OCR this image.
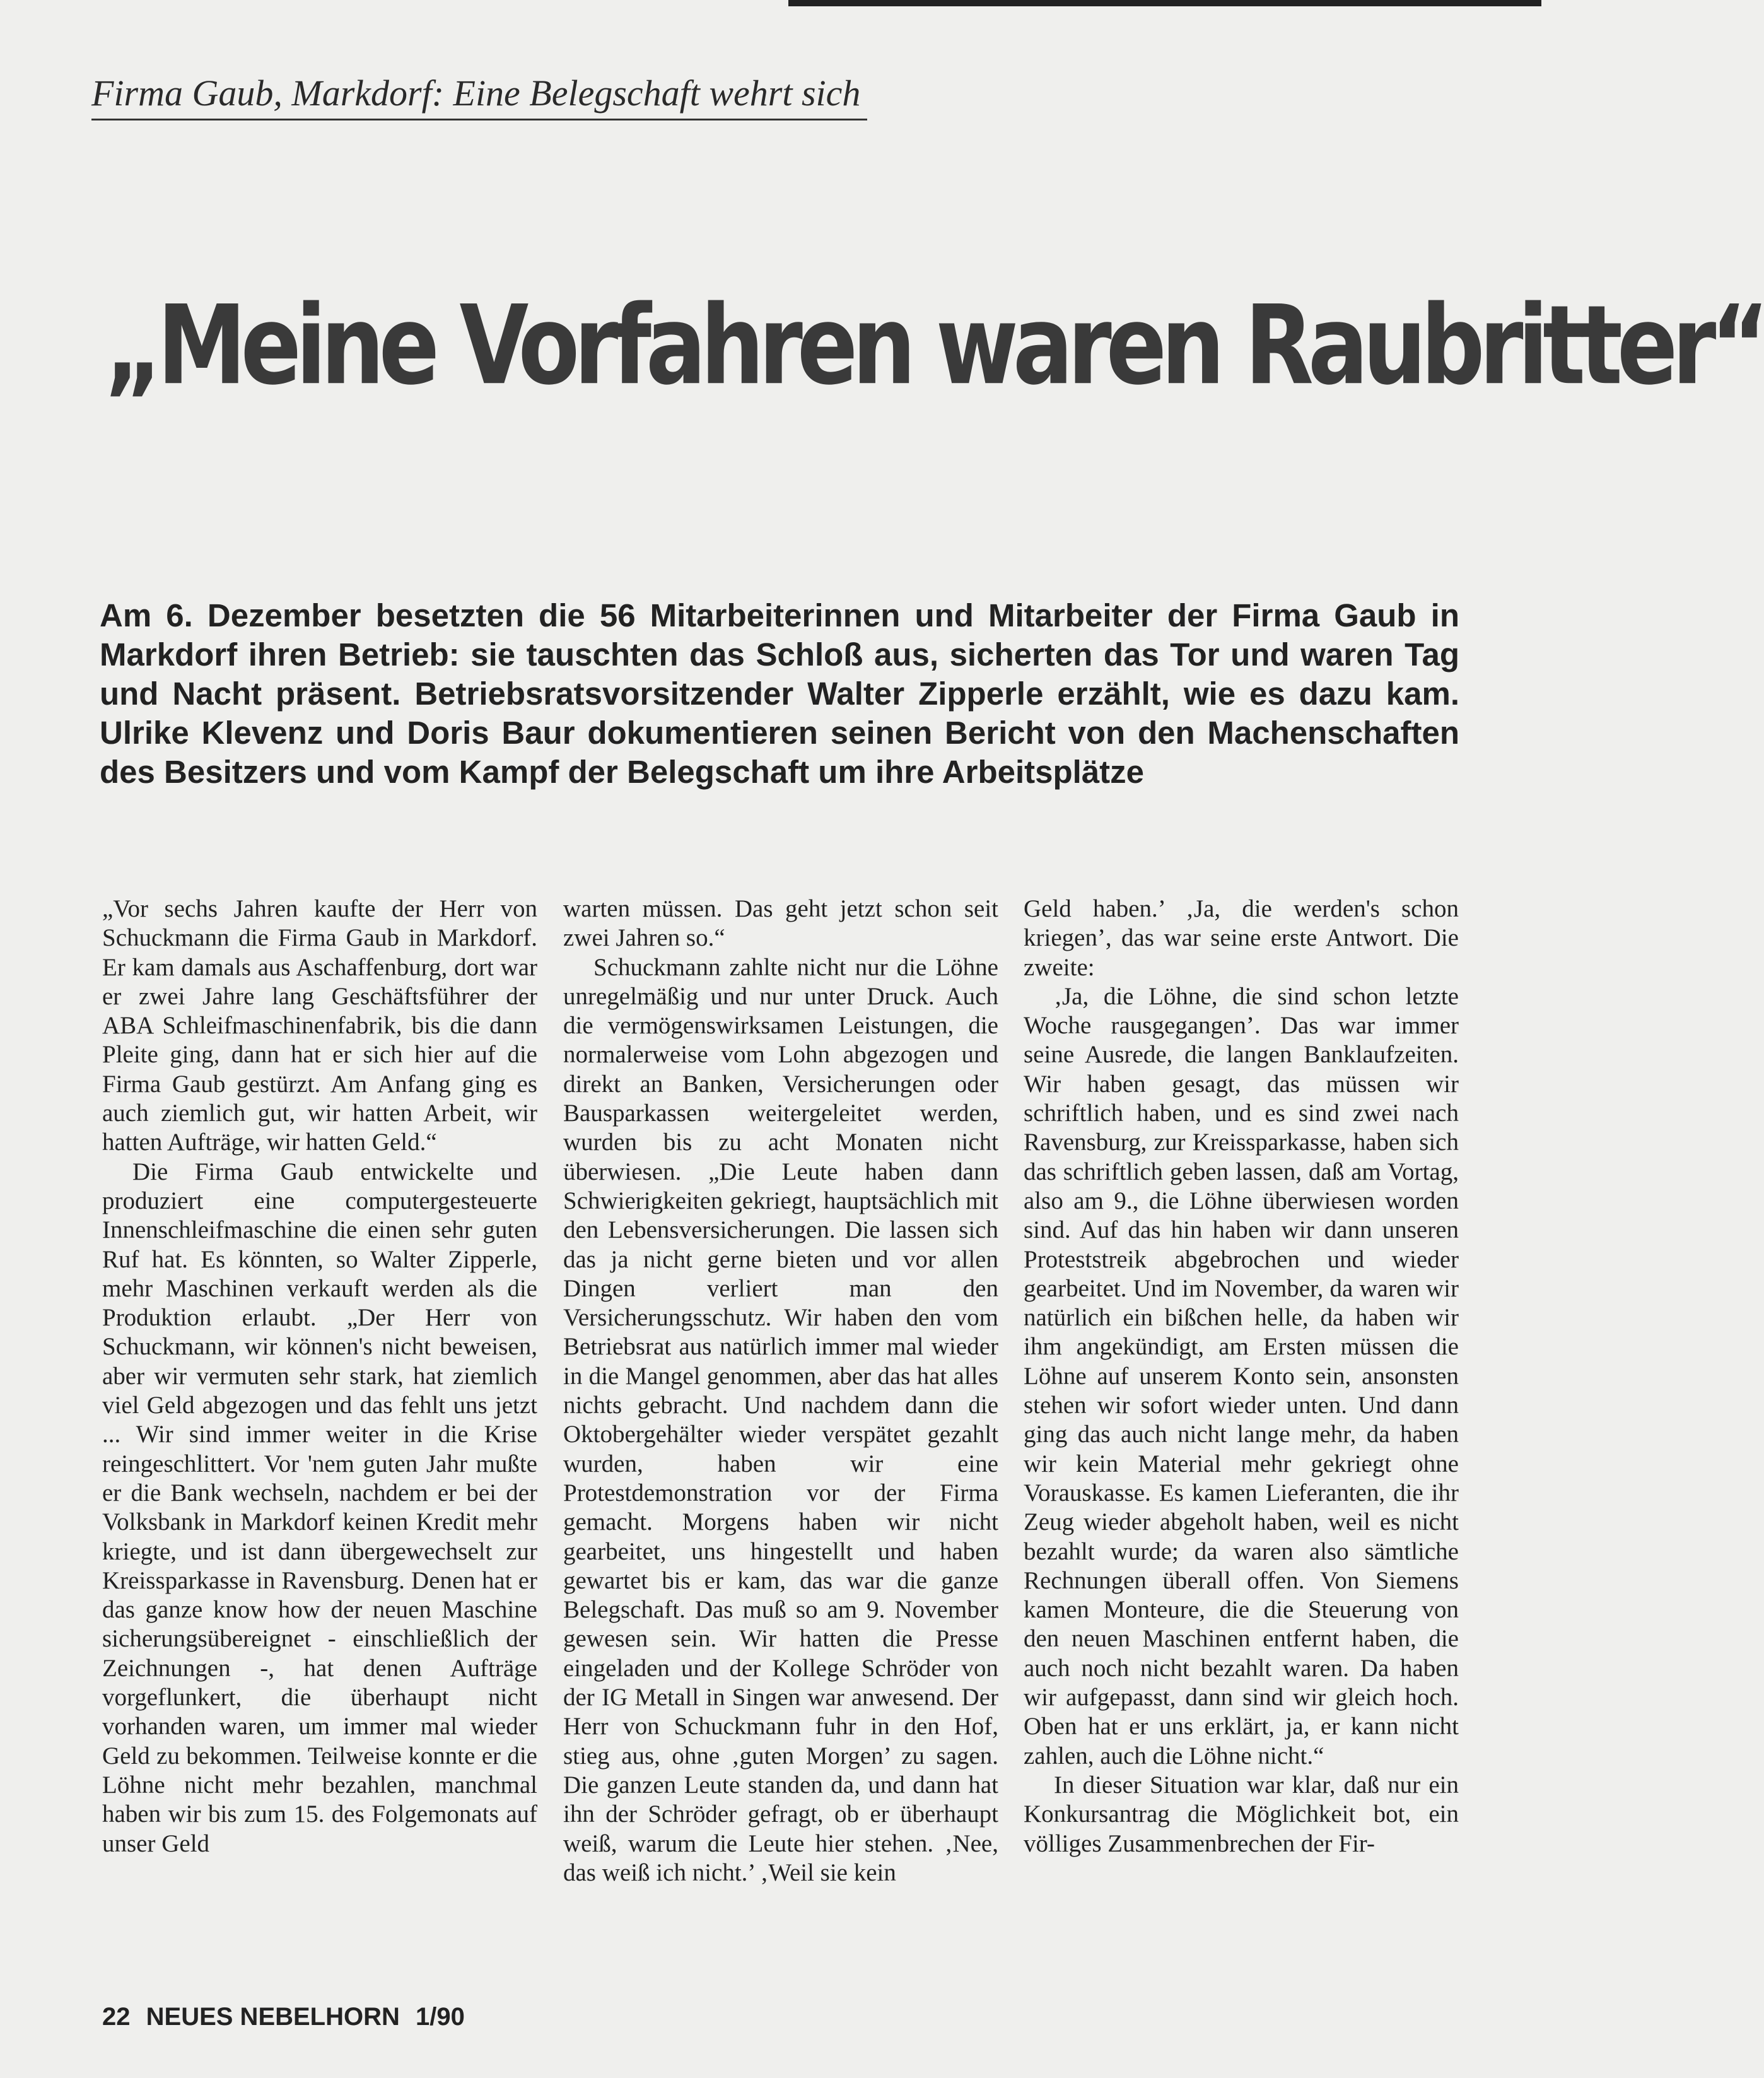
Firma Gaub, Markdorf: Eine Belegschaft wehrt sich
„Meine Vorfahren waren Raubritter“
Am 6. Dezember besetzten die 56 Mitarbeiterinnen und Mitarbeiter der Firma Gaub in Markdorf ihren Betrieb: sie tauschten das Schloß aus, sicherten das Tor und waren Tag und Nacht präsent. Betriebsratsvorsitzender Walter Zipperle erzählt, wie es dazu kam. Ulrike Klevenz und Doris Baur dokumentieren seinen Bericht von den Machenschaften des Besitzers und vom Kampf der Belegschaft um ihre Arbeitsplätze

„Vor sechs Jahren kaufte der Herr von Schuckmann die Firma Gaub in Markdorf. Er kam damals aus Aschaffenburg, dort war er zwei Jahre lang Geschäftsführer der ABA Schleifmaschinenfabrik, bis die dann Pleite ging, dann hat er sich hier auf die Firma Gaub gestürzt. Am Anfang ging es auch ziemlich gut, wir hatten Arbeit, wir hatten Aufträge, wir hatten Geld.“

Die Firma Gaub entwickelte und produziert eine computergesteuerte Innenschleifmaschine die einen sehr guten Ruf hat. Es könnten, so Walter Zipperle, mehr Maschinen verkauft werden als die Produktion erlaubt. „Der Herr von Schuckmann, wir können's nicht beweisen, aber wir vermuten sehr stark, hat ziemlich viel Geld abgezogen und das fehlt uns jetzt ... Wir sind immer weiter in die Krise reingeschlittert. Vor 'nem guten Jahr mußte er die Bank wechseln, nachdem er bei der Volksbank in Markdorf keinen Kredit mehr kriegte, und ist dann übergewechselt zur Kreissparkasse in Ravensburg. Denen hat er das ganze know how der neuen Maschine sicherungsübereignet - einschließlich der Zeichnungen -, hat denen Aufträge vorgeflunkert, die überhaupt nicht vorhanden waren, um immer mal wieder Geld zu bekommen. Teilweise konnte er die Löhne nicht mehr bezahlen, manchmal haben wir bis zum 15. des Folgemonats auf unser Geld

warten müssen. Das geht jetzt schon seit zwei Jahren so.“

Schuckmann zahlte nicht nur die Löhne unregelmäßig und nur unter Druck. Auch die vermögenswirksamen Leistungen, die normalerweise vom Lohn abgezogen und direkt an Banken, Versicherungen oder Bausparkassen weitergeleitet werden, wurden bis zu acht Monaten nicht überwiesen. „Die Leute haben dann Schwierigkeiten gekriegt, hauptsächlich mit den Lebensversicherungen. Die lassen sich das ja nicht gerne bieten und vor allen Dingen verliert man den Versicherungsschutz. Wir haben den vom Betriebsrat aus natürlich immer mal wieder in die Mangel genommen, aber das hat alles nichts gebracht. Und nachdem dann die Oktobergehälter wieder verspätet gezahlt wurden, haben wir eine Protestdemonstration vor der Firma gemacht. Morgens haben wir nicht gearbeitet, uns hingestellt und haben gewartet bis er kam, das war die ganze Belegschaft. Das muß so am 9. November gewesen sein. Wir hatten die Presse eingeladen und der Kollege Schröder von der IG Metall in Singen war anwesend. Der Herr von Schuckmann fuhr in den Hof, stieg aus, ohne ‚guten Morgen’ zu sagen. Die ganzen Leute standen da, und dann hat ihn der Schröder gefragt, ob er überhaupt weiß, warum die Leute hier stehen. ‚Nee, das weiß ich nicht.’ ‚Weil sie kein

Geld haben.’ ‚Ja, die werden's schon kriegen’, das war seine erste Antwort. Die zweite:

‚Ja, die Löhne, die sind schon letzte Woche rausgegangen’. Das war immer seine Ausrede, die langen Banklaufzeiten. Wir haben gesagt, das müssen wir schriftlich haben, und es sind zwei nach Ravensburg, zur Kreissparkasse, haben sich das schriftlich geben lassen, daß am Vortag, also am 9., die Löhne überwiesen worden sind. Auf das hin haben wir dann unseren Proteststreik abgebrochen und wieder gearbeitet. Und im November, da waren wir natürlich ein bißchen helle, da haben wir ihm angekündigt, am Ersten müssen die Löhne auf unserem Konto sein, ansonsten stehen wir sofort wieder unten. Und dann ging das auch nicht lange mehr, da haben wir kein Material mehr gekriegt ohne Vorauskasse. Es kamen Lieferanten, die ihr Zeug wieder abgeholt haben, weil es nicht bezahlt wurde; da waren also sämtliche Rechnungen überall offen. Von Siemens kamen Monteure, die die Steuerung von den neuen Maschinen entfernt haben, die auch noch nicht bezahlt waren. Da haben wir aufgepasst, dann sind wir gleich hoch. Oben hat er uns erklärt, ja, er kann nicht zahlen, auch die Löhne nicht.“

In dieser Situation war klar, daß nur ein Konkursantrag die Möglichkeit bot, ein völliges Zusammenbrechen der Fir-

22 NEUES NEBELHORN 1/90
